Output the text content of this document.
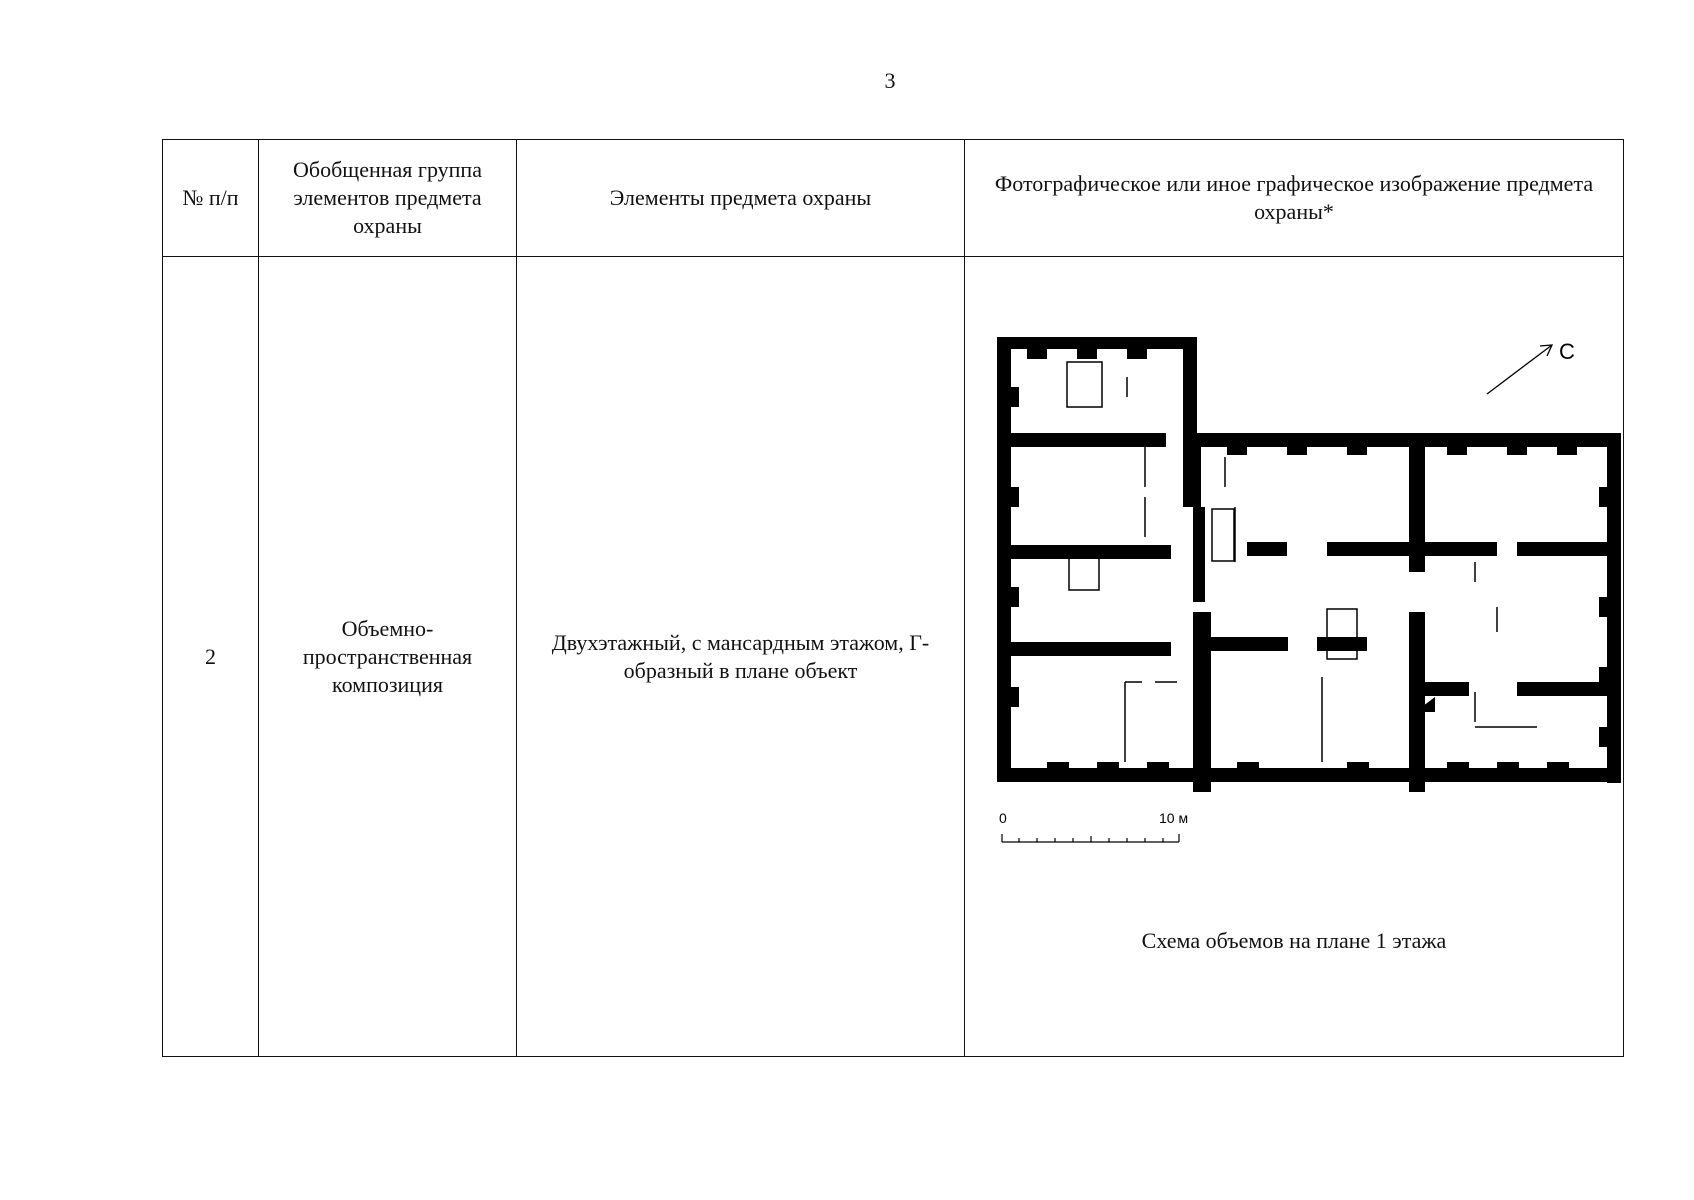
3
№ п/п	Обобщенная группа элементов предмета охраны	Элементы предмета охраны	Фотографическое или иное графическое изображение предмета охраны*
2	Объемно-пространственная композиция	Двухэтажный, с мансардным этажом, Г-образный в плане объект	С
0 10 м
Схема объемов на плане 1 этажа
